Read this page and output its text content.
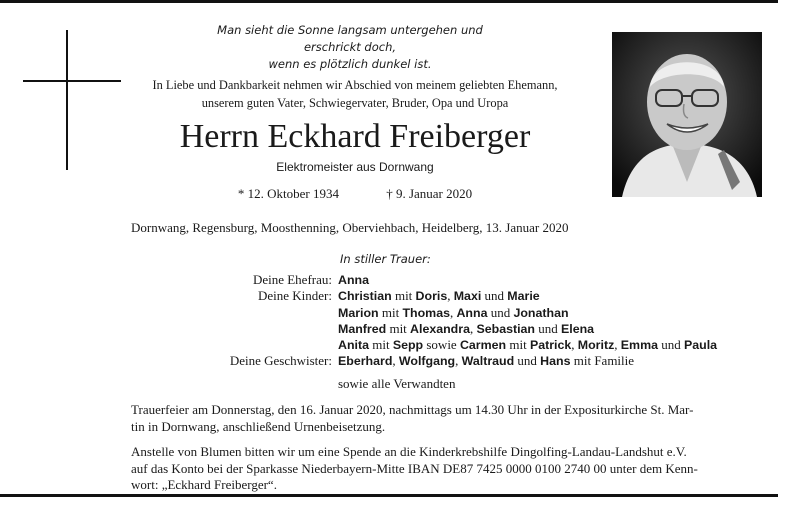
Man sieht die Sonne langsam untergehen und erschrickt doch,
wenn es plötzlich dunkel ist.
In Liebe und Dankbarkeit nehmen wir Abschied von meinem geliebten Ehemann,
unserem guten Vater, Schwiegervater, Bruder, Opa und Uropa
Herrn Eckhard Freiberger
Elektromeister aus Dornwang
* 12. Oktober 1934	† 9. Januar 2020
Dornwang, Regensburg, Moosthenning, Oberviehbach, Heidelberg, 13. Januar 2020
In stiller Trauer:
Deine Ehefrau: Anna
Deine Kinder: Christian mit Doris, Maxi und Marie
Marion mit Thomas, Anna und Jonathan
Manfred mit Alexandra, Sebastian und Elena
Anita mit Sepp sowie Carmen mit Patrick, Moritz, Emma und Paula
Deine Geschwister: Eberhard, Wolfgang, Waltraud und Hans mit Familie
sowie alle Verwandten
Trauerfeier am Donnerstag, den 16. Januar 2020, nachmittags um 14.30 Uhr in der Expositurkirche St. Mar-
tin in Dornwang, anschließend Urnenbeisetzung.
Anstelle von Blumen bitten wir um eine Spende an die Kinderkrebshilfe Dingolfing-Landau-Landshut e.V.
auf das Konto bei der Sparkasse Niederbayern-Mitte IBAN DE87 7425 0000 0100 2740 00 unter dem Kenn-
wort: „Eckhard Freiberger“.
